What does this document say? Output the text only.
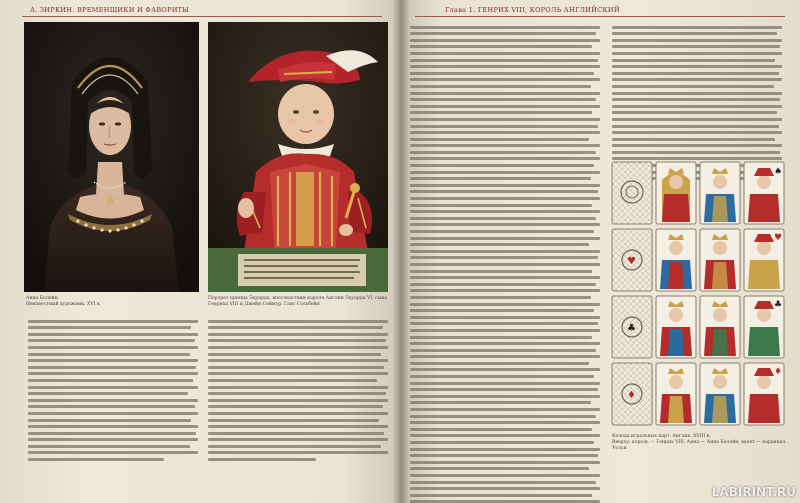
А. ЗИРКИН. ВРЕМЕНЩИКИ И ФАВОРИТЫ
B
Анна Болейн.
Неизвестный художник. XVI в.
Портрет принца Эдуарда, впоследствии короля Англии Эдуарда VI, сына Генриха VIII и Джейн Сеймур. Ганс Гольбейн
Глава 1. ГЕНРИХ VIII, КОРОЛЬ АНГЛИЙСКИЙ
♠
♥
♥
♣
♣
♦
♦
Колода игральных карт. Англия. XVIII в.
Вверху: король — Генрих VIII, Анна — Анна Болейн, валет — кардинал Уолси
LABIRINT.RU
